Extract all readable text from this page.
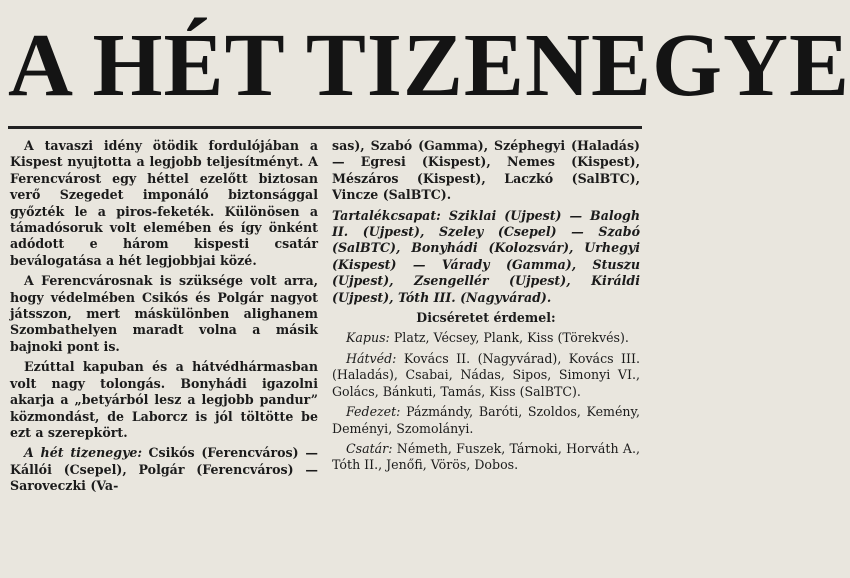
A HÉT TIZENEGYE

A tavaszi idény ötödik fordulójában a Kispest nyujtotta a legjobb teljesítményt. A Ferencvárost egy héttel ezelőtt biztosan verő Szegedet imponáló biztonsággal győzték le a piros-feketék. Különösen a támadósoruk volt elemében és így önként adódott e három kispesti csatár beválogatása a hét legjobbjai közé.

A Ferencvárosnak is szüksége volt arra, hogy védelmében Csikós és Polgár nagyot játsszon, mert máskülönben alighanem Szombathelyen maradt volna a másik bajnoki pont is.

Ezúttal kapuban és a hátvédhármasban volt nagy tolongás. Bonyhádi igazolni akarja a „betyárból lesz a legjobb pandur” közmondást, de Laborcz is jól töltötte be ezt a szerepkört.

A hét tizenegye: Csikós (Ferencváros) — Kállói (Csepel), Polgár (Ferencváros) — Saroveczki (Va-

sas), Szabó (Gamma), Széphegyi (Haladás) — Egresi (Kispest), Nemes (Kispest), Mészáros (Kispest), Laczkó (SalBTC), Vincze (SalBTC).

Tartalékcsapat: Sziklai (Ujpest) — Balogh II. (Ujpest), Szeley (Csepel) — Szabó (SalBTC), Bonyhádi (Kolozsvár), Urhegyi (Kispest) — Várady (Gamma), Stuszu (Ujpest), Zsengellér (Ujpest), Királdi (Ujpest), Tóth III. (Nagyvárad).

Dicséretet érdemel:

Kapus: Platz, Vécsey, Plank, Kiss (Törekvés).

Hátvéd: Kovács II. (Nagyvárad), Kovács III. (Haladás), Csabai, Nádas, Sipos, Simonyi VI., Golács, Bánkuti, Tamás, Kiss (SalBTC).

Fedezet: Pázmándy, Baróti, Szoldos, Kemény, Deményi, Szomolányi.

Csatár: Németh, Fuszek, Tárnoki, Horváth A., Tóth II., Jenőfi, Vörös, Dobos.
